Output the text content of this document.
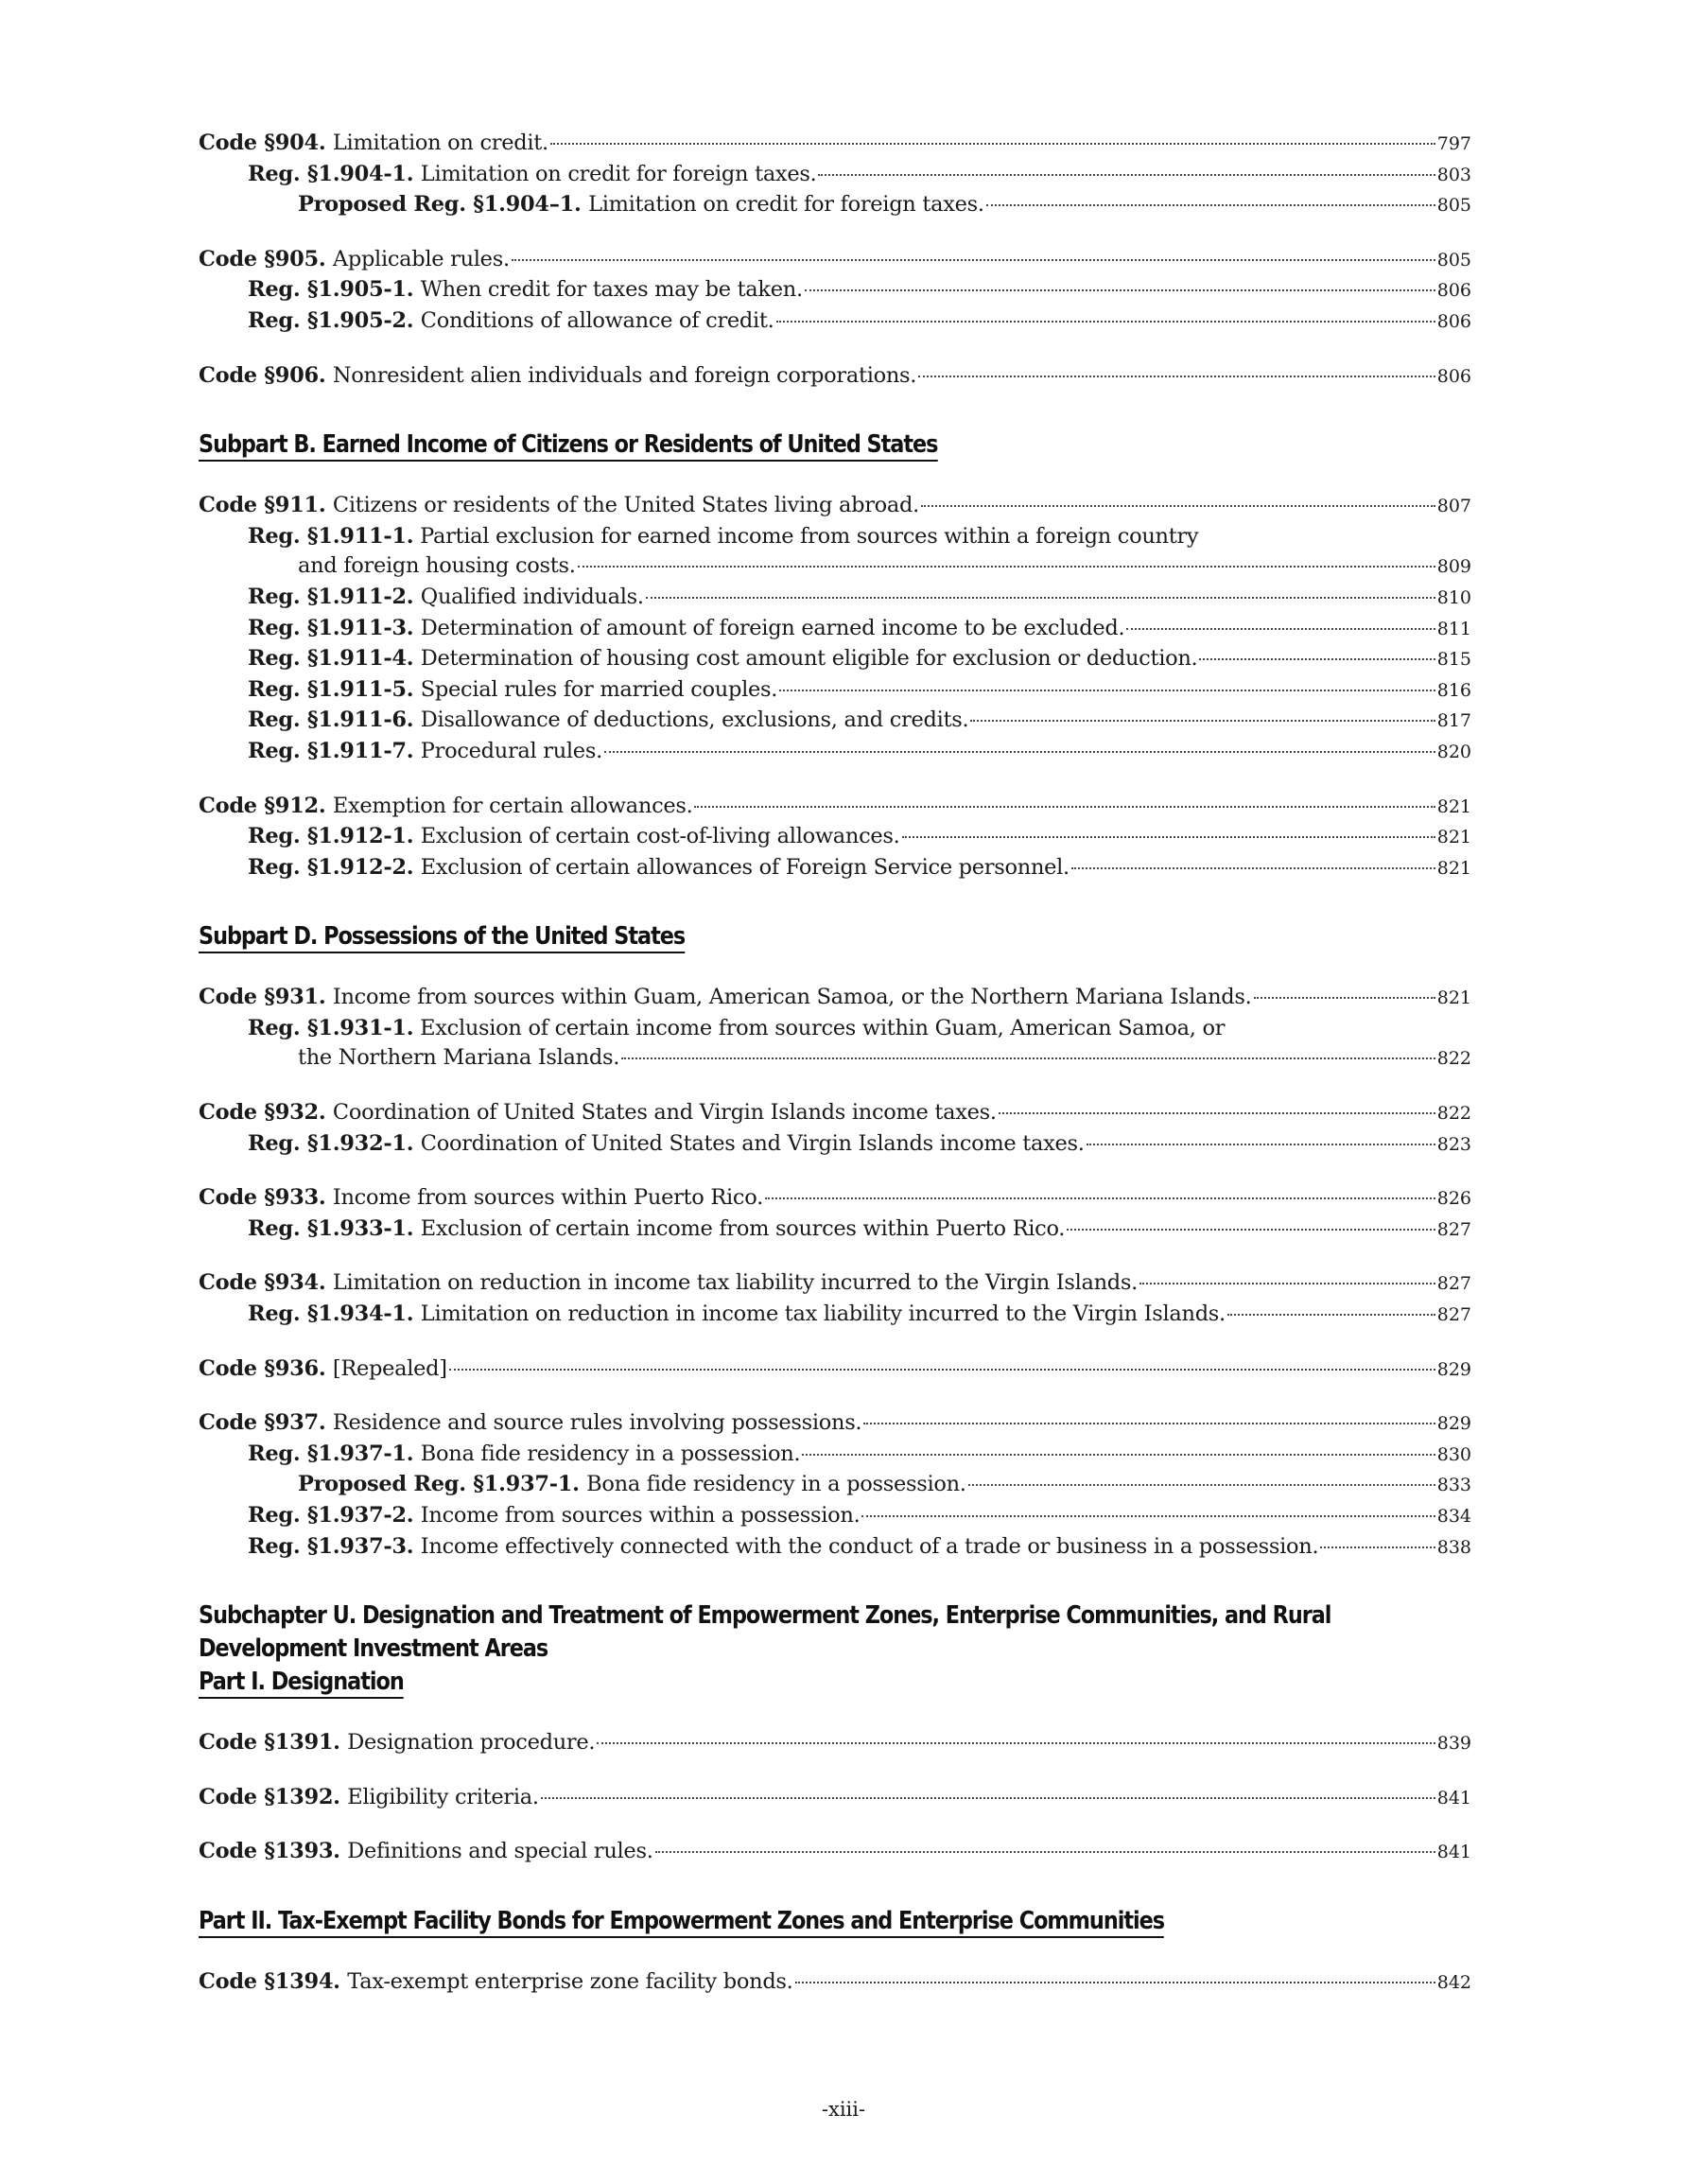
Code §904. Limitation on credit.	797
Reg. §1.904-1. Limitation on credit for foreign taxes.	803
Proposed Reg. §1.904–1. Limitation on credit for foreign taxes.	805
Code §905. Applicable rules.	805
Reg. §1.905-1. When credit for taxes may be taken.	806
Reg. §1.905-2. Conditions of allowance of credit.	806
Code §906. Nonresident alien individuals and foreign corporations.	806
Subpart B. Earned Income of Citizens or Residents of United States
Code §911. Citizens or residents of the United States living abroad.	807
Reg. §1.911-1. Partial exclusion for earned income from sources within a foreign country
and foreign housing costs.	809
Reg. §1.911-2. Qualified individuals.	810
Reg. §1.911-3. Determination of amount of foreign earned income to be excluded.	811
Reg. §1.911-4. Determination of housing cost amount eligible for exclusion or deduction.	815
Reg. §1.911-5. Special rules for married couples.	816
Reg. §1.911-6. Disallowance of deductions, exclusions, and credits.	817
Reg. §1.911-7. Procedural rules.	820
Code §912. Exemption for certain allowances.	821
Reg. §1.912-1. Exclusion of certain cost-of-living allowances.	821
Reg. §1.912-2. Exclusion of certain allowances of Foreign Service personnel.	821
Subpart D. Possessions of the United States
Code §931. Income from sources within Guam, American Samoa, or the Northern Mariana Islands.	821
Reg. §1.931-1. Exclusion of certain income from sources within Guam, American Samoa, or
the Northern Mariana Islands.	822
Code §932. Coordination of United States and Virgin Islands income taxes.	822
Reg. §1.932-1. Coordination of United States and Virgin Islands income taxes.	823
Code §933. Income from sources within Puerto Rico.	826
Reg. §1.933-1. Exclusion of certain income from sources within Puerto Rico.	827
Code §934. Limitation on reduction in income tax liability incurred to the Virgin Islands.	827
Reg. §1.934-1. Limitation on reduction in income tax liability incurred to the Virgin Islands.	827
Code §936. [Repealed]	829
Code §937. Residence and source rules involving possessions.	829
Reg. §1.937-1. Bona fide residency in a possession.	830
Proposed Reg. §1.937-1. Bona fide residency in a possession.	833
Reg. §1.937-2. Income from sources within a possession.	834
Reg. §1.937-3. Income effectively connected with the conduct of a trade or business in a possession.	838
Subchapter U. Designation and Treatment of Empowerment Zones, Enterprise Communities, and Rural
Development Investment Areas
Part I. Designation
Code §1391. Designation procedure.	839
Code §1392. Eligibility criteria.	841
Code §1393. Definitions and special rules.	841
Part II. Tax-Exempt Facility Bonds for Empowerment Zones and Enterprise Communities
Code §1394. Tax-exempt enterprise zone facility bonds.	842
-xiii-
